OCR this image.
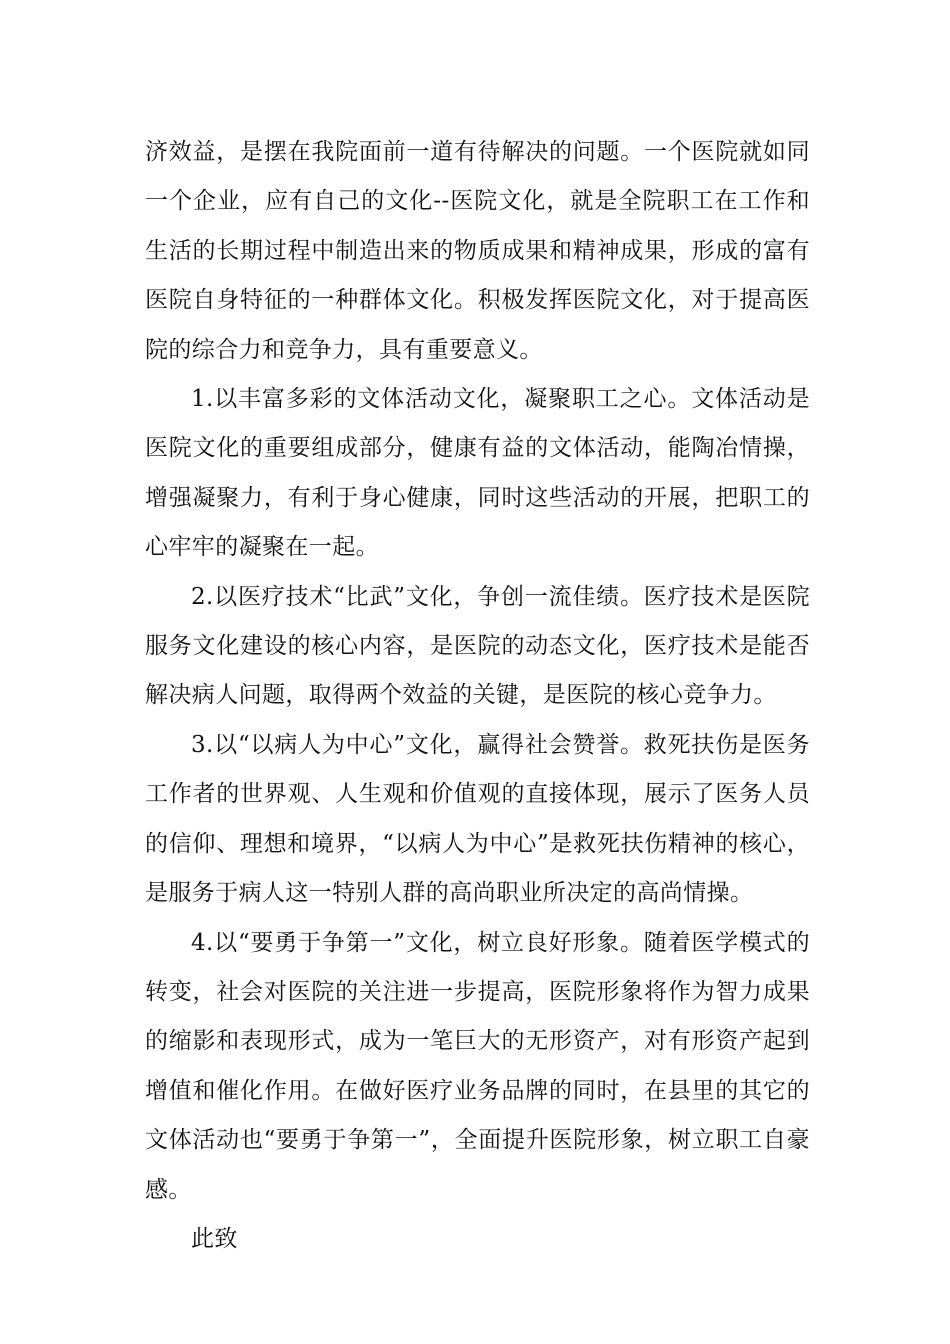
济效益，是摆在我院面前一道有待解决的问题。一个医院就如同一个企业，应有自己的文化--医院文化，就是全院职工在工作和生活的长期过程中制造出来的物质成果和精神成果，形成的富有医院自身特征的一种群体文化。积极发挥医院文化，对于提高医院的综合力和竞争力，具有重要意义。

1.以丰富多彩的文体活动文化，凝聚职工之心。文体活动是医院文化的重要组成部分，健康有益的文体活动，能陶冶情操，增强凝聚力，有利于身心健康，同时这些活动的开展，把职工的心牢牢的凝聚在一起。

2.以医疗技术“比武”文化，争创一流佳绩。医疗技术是医院服务文化建设的核心内容，是医院的动态文化，医疗技术是能否解决病人问题，取得两个效益的关键，是医院的核心竞争力。

3.以“以病人为中心”文化，赢得社会赞誉。救死扶伤是医务工作者的世界观、人生观和价值观的直接体现，展示了医务人员的信仰、理想和境界，“以病人为中心”是救死扶伤精神的核心，是服务于病人这一特别人群的高尚职业所决定的高尚情操。

4.以“要勇于争第一”文化，树立良好形象。随着医学模式的转变，社会对医院的关注进一步提高，医院形象将作为智力成果的缩影和表现形式，成为一笔巨大的无形资产，对有形资产起到增值和催化作用。在做好医疗业务品牌的同时，在县里的其它的文体活动也“要勇于争第一”，全面提升医院形象，树立职工自豪感。

此致
